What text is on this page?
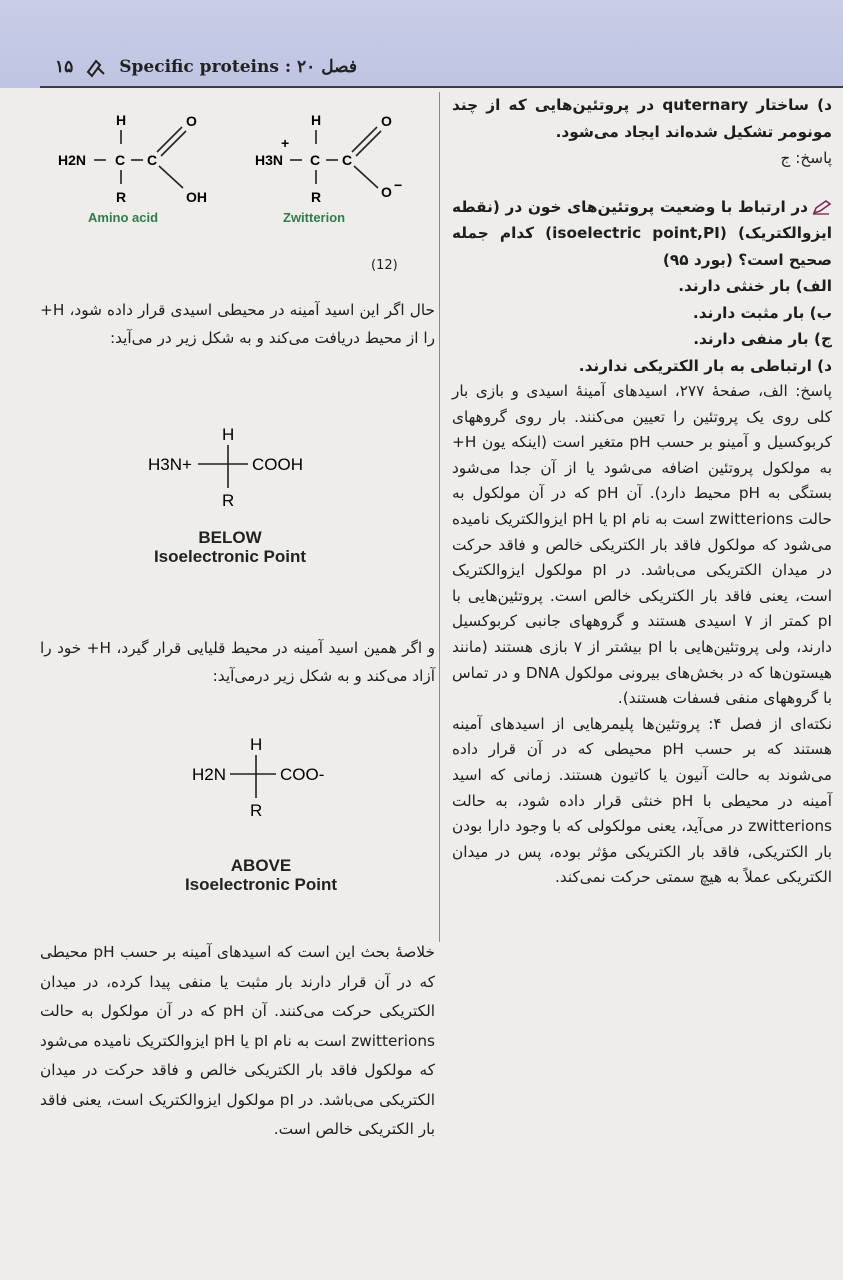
۱۵	Specific proteins : ۲۰ فصل
H
H2N C C
R
O
OH
H
+
H3N C C
R
O
O −
Amino acid	Zwitterion
(12)

د) ساختار quternary در پروتئین‌هایی که از چند مونومر تشکیل شده‌اند ایجاد می‌شود.

پاسخ: ج

در ارتباط با وضعیت پروتئین‌های خون در (نقطه ایزوالکتریک) (isoelectric point,PI) کدام جمله صحیح است؟ (بورد ۹۵)

الف) بار خنثی دارند.

ب) بار مثبت دارند.

ج) بار منفی دارند.

د) ارتباطی به بار الکتریکی ندارند.

پاسخ: الف، صفحهٔ ۲۷۷، اسیدهای آمینهٔ اسیدی و بازی بار کلی روی یک پروتئین را تعیین می‌کنند. بار روی گروههای کربوکسیل و آمینو بر حسب pH متغیر است (اینکه یون H+ به مولکول پروتئین اضافه می‌شود یا از آن جدا می‌شود بستگی به pH محیط دارد). آن pH که در آن مولکول به حالت zwitterions است به نام pI یا pH ایزوالکتریک نامیده می‌شود که مولکول فاقد بار الکتریکی خالص و فاقد حرکت در میدان الکتریکی می‌باشد. در pI مولکول ایزوالکتریک است، یعنی فاقد بار الکتریکی خالص است. پروتئین‌هایی با pI کمتر از ۷ اسیدی هستند و گروههای جانبی کربوکسیل دارند، ولی پروتئین‌هایی با pI بیشتر از ۷ بازی هستند (مانند هیستون‌ها که در بخش‌های بیرونی مولکول DNA و در تماس با گروههای منفی فسفات هستند).

نکته‌ای از فصل ۴: پروتئین‌ها پلیمرهایی از اسیدهای آمینه هستند که بر حسب pH محیطی که در آن قرار داده می‌شوند به حالت آنیون یا کاتیون هستند. زمانی که اسید آمینه در محیطی با pH خنثی قرار داده شود، به حالت zwitterions در می‌آید، یعنی مولکولی که با وجود دارا بودن بار الکتریکی، فاقد بار الکتریکی مؤثر بوده، پس در میدان الکتریکی عملاً به هیچ سمتی حرکت نمی‌کند.

حال اگر این اسید آمینه در محیطی اسیدی قرار داده شود، H+ را از محیط دریافت می‌کند و به شکل زیر در می‌آید:

H
H3N+	COOH
R
BELOW Isoelectronic Point

و اگر همین اسید آمینه در محیط قلیایی قرار گیرد، H+ خود را آزاد می‌کند و به شکل زیر درمی‌آید:

H
H2N	COO-
R
ABOVE Isoelectronic Point

خلاصهٔ بحث این است که اسیدهای آمینه بر حسب pH محیطی که در آن قرار دارند بار مثبت یا منفی پیدا کرده، در میدان الکتریکی حرکت می‌کنند. آن pH که در آن مولکول به حالت zwitterions است به نام pI یا pH ایزوالکتریک نامیده می‌شود که مولکول فاقد بار الکتریکی خالص و فاقد حرکت در میدان الکتریکی می‌باشد. در pI مولکول ایزوالکتریک است، یعنی فاقد بار الکتریکی خالص است.
